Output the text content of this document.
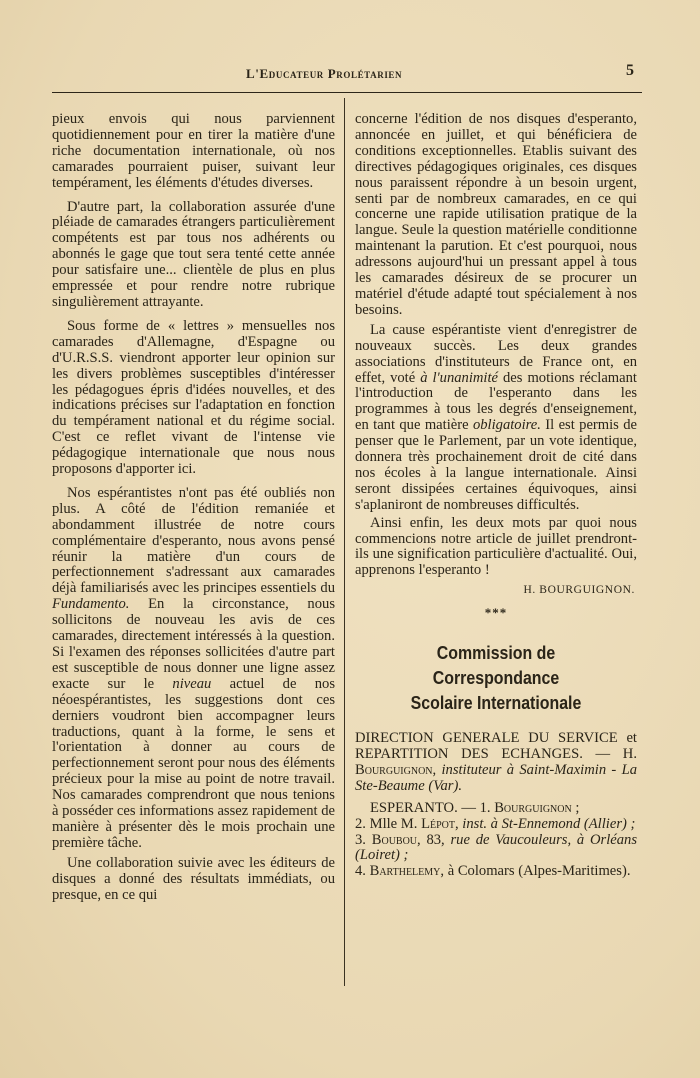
L'Educateur Prolétarien	5

pieux envois qui nous parviennent quotidiennement pour en tirer la matière d'une riche documentation internationale, où nos camarades pourraient puiser, suivant leur tempérament, les éléments d'études diverses.

D'autre part, la collaboration assurée d'une pléiade de camarades étrangers particulièrement compétents est par tous nos adhérents ou abonnés le gage que tout sera tenté cette année pour satisfaire une... clientèle de plus en plus empressée et pour rendre notre rubrique singulièrement attrayante.

Sous forme de « lettres » mensuelles nos camarades d'Allemagne, d'Espagne ou d'U.R.S.S. viendront apporter leur opinion sur les divers problèmes susceptibles d'intéresser les pédagogues épris d'idées nouvelles, et des indications précises sur l'adaptation en fonction du tempérament national et du régime social. C'est ce reflet vivant de l'intense vie pédagogique internationale que nous nous proposons d'apporter ici.

Nos espérantistes n'ont pas été oubliés non plus. A côté de l'édition remaniée et abondamment illustrée de notre cours complémentaire d'esperanto, nous avons pensé réunir la matière d'un cours de perfectionnement s'adressant aux camarades déjà familiarisés avec les principes essentiels du Fundamento. En la circonstance, nous sollicitons de nouveau les avis de ces camarades, directement intéressés à la question. Si l'examen des réponses sollicitées d'autre part est susceptible de nous donner une ligne assez exacte sur le niveau actuel de nos néoespérantistes, les suggestions dont ces derniers voudront bien accompagner leurs traductions, quant à la forme, le sens et l'orientation à donner au cours de perfectionnement seront pour nous des éléments précieux pour la mise au point de notre travail. Nos camarades comprendront que nous tenions à posséder ces informations assez rapidement de manière à présenter dès le mois prochain une première tâche.

Une collaboration suivie avec les éditeurs de disques a donné des résultats immédiats, ou presque, en ce qui

concerne l'édition de nos disques d'esperanto, annoncée en juillet, et qui bénéficiera de conditions exceptionnelles. Etablis suivant des directives pédagogiques originales, ces disques nous paraissent répondre à un besoin urgent, senti par de nombreux camarades, en ce qui concerne une rapide utilisation pratique de la langue. Seule la question matérielle conditionne maintenant la parution. Et c'est pourquoi, nous adressons aujourd'hui un pressant appel à tous les camarades désireux de se procurer un matériel d'étude adapté tout spécialement à nos besoins.

La cause espérantiste vient d'enregistrer de nouveaux succès. Les deux grandes associations d'instituteurs de France ont, en effet, voté à l'unanimité des motions réclamant l'introduction de l'esperanto dans les programmes à tous les degrés d'enseignement, en tant que matière obligatoire. Il est permis de penser que le Parlement, par un vote identique, donnera très prochainement droit de cité dans nos écoles à la langue internationale. Ainsi seront dissipées certaines équivoques, ainsi s'aplaniront de nombreuses difficultés.

Ainsi enfin, les deux mots par quoi nous commencions notre article de juillet prendront-ils une signification particulière d'actualité. Oui, apprenons l'esperanto !

H. BOURGUIGNON.

***

Commission de Correspondance
Scolaire Internationale

DIRECTION GENERALE DU SERVICE et REPARTITION DES ECHANGES. — H. Bourguignon, instituteur à Saint-Maximin - La Ste-Beaume (Var).

ESPERANTO. — 1. Bourguignon ;

2. Mlle M. Lépot, inst. à St-Ennemond (Allier) ;

3. Boubou, 83, rue de Vaucouleurs, à Orléans (Loiret) ;

4. Barthelemy, à Colomars (Alpes-Maritimes).
